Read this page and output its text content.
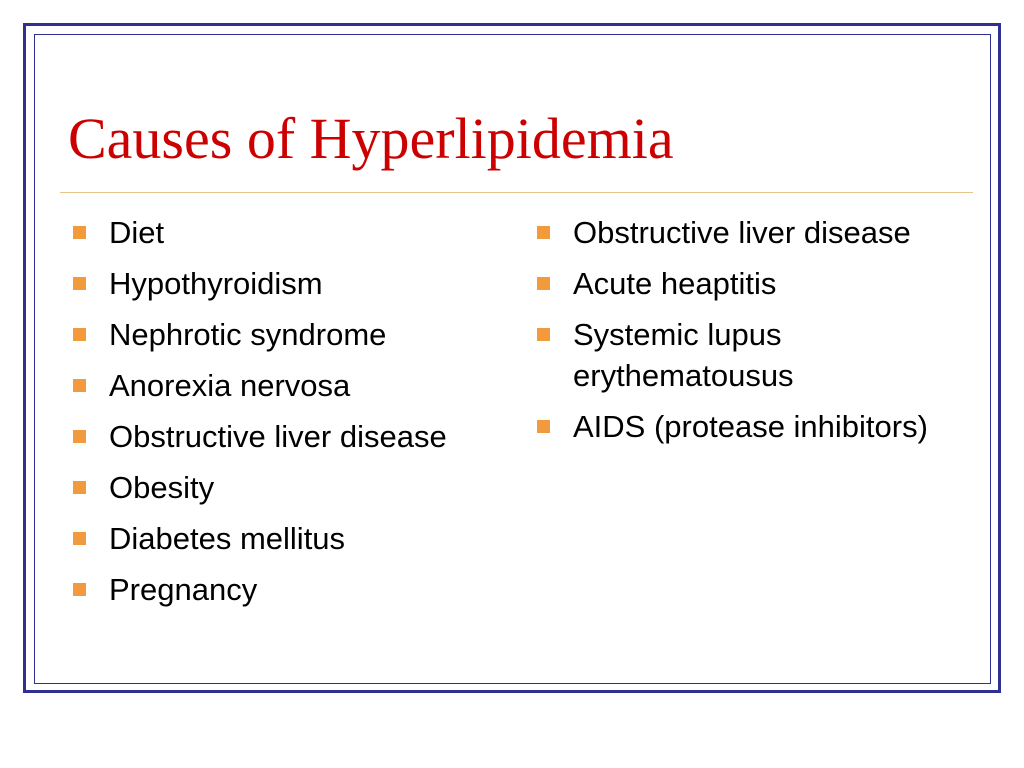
Causes of Hyperlipidemia
Diet
Hypothyroidism
Nephrotic syndrome
Anorexia nervosa
Obstructive liver disease
Obesity
Diabetes mellitus
Pregnancy
Obstructive liver disease
Acute heaptitis
Systemic lupus erythematousus
AIDS (protease inhibitors)
